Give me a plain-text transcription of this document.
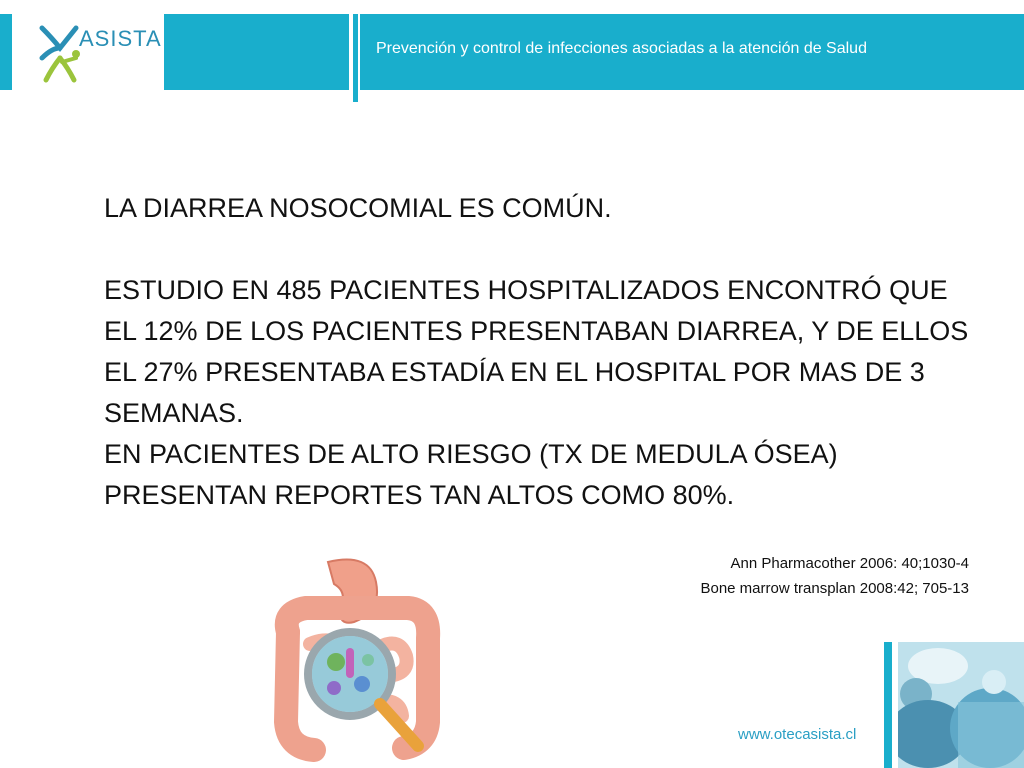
ASISTA	Prevención y control de infecciones asociadas a la atención de Salud

LA DIARREA NOSOCOMIAL ES COMÚN.

ESTUDIO EN 485 PACIENTES HOSPITALIZADOS ENCONTRÓ QUE EL 12% DE LOS PACIENTES PRESENTABAN DIARREA, Y DE ELLOS EL 27% PRESENTABA ESTADÍA EN EL HOSPITAL POR MAS DE 3 SEMANAS.

EN PACIENTES DE ALTO RIESGO (TX DE MEDULA ÓSEA) PRESENTAN REPORTES TAN ALTOS COMO 80%.

Ann Pharmacother 2006: 40;1030-4
Bone marrow transplan 2008:42; 705-13
www.otecasista.cl
